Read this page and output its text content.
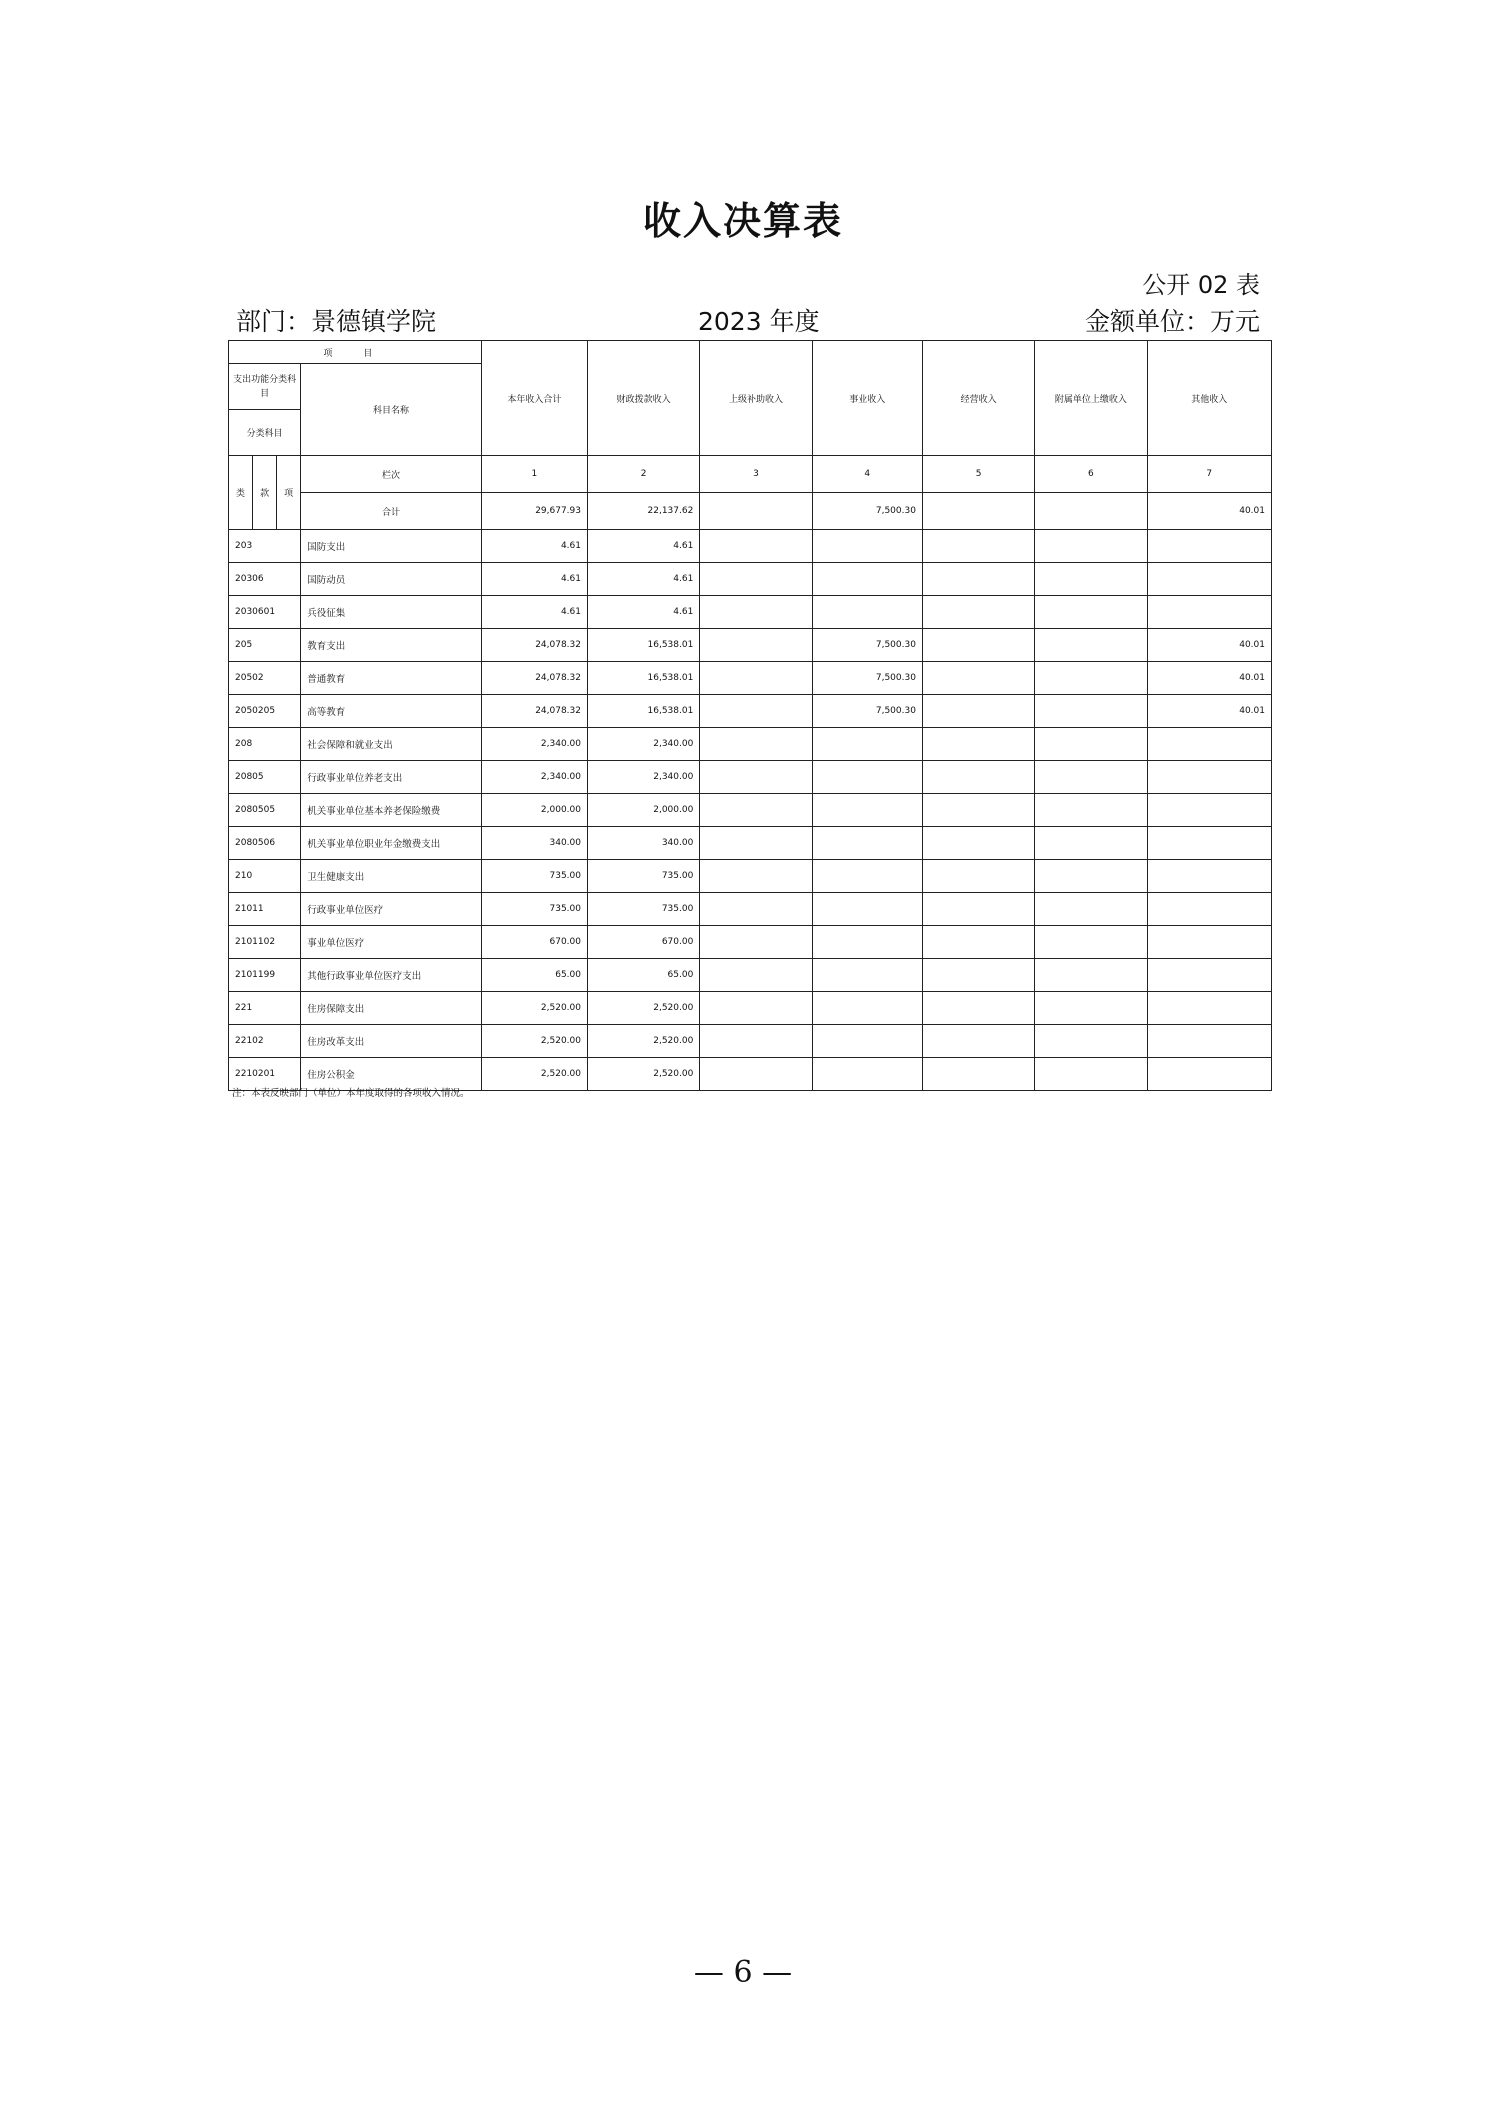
收入决算表
公开 02 表
部门：景德镇学院	2023 年度	金额单位：万元
项 目				本年收入合计	财政拨款收入	上级补助收入	事业收入	经营收入	附属单位上缴收入	其他收入
支出功能分类科目			科目名称							
分类科目										
类	款	项	栏次	1	2	3	4	5	6	7
			合计	29,677.93	22,137.62		7,500.30			40.01
203			国防支出	4.61	4.61					
20306			国防动员	4.61	4.61					
2030601			兵役征集	4.61	4.61					
205			教育支出	24,078.32	16,538.01		7,500.30			40.01
20502			普通教育	24,078.32	16,538.01		7,500.30			40.01
2050205			高等教育	24,078.32	16,538.01		7,500.30			40.01
208			社会保障和就业支出	2,340.00	2,340.00					
20805			行政事业单位养老支出	2,340.00	2,340.00					
2080505			机关事业单位基本养老保险缴费	2,000.00	2,000.00					
2080506			机关事业单位职业年金缴费支出	340.00	340.00					
210			卫生健康支出	735.00	735.00					
21011			行政事业单位医疗	735.00	735.00					
2101102			事业单位医疗	670.00	670.00					
2101199			其他行政事业单位医疗支出	65.00	65.00					
221			住房保障支出	2,520.00	2,520.00					
22102			住房改革支出	2,520.00	2,520.00					
2210201			住房公积金	2,520.00	2,520.00					
注：本表反映部门（单位）本年度取得的各项收入情况。
— 6 —
